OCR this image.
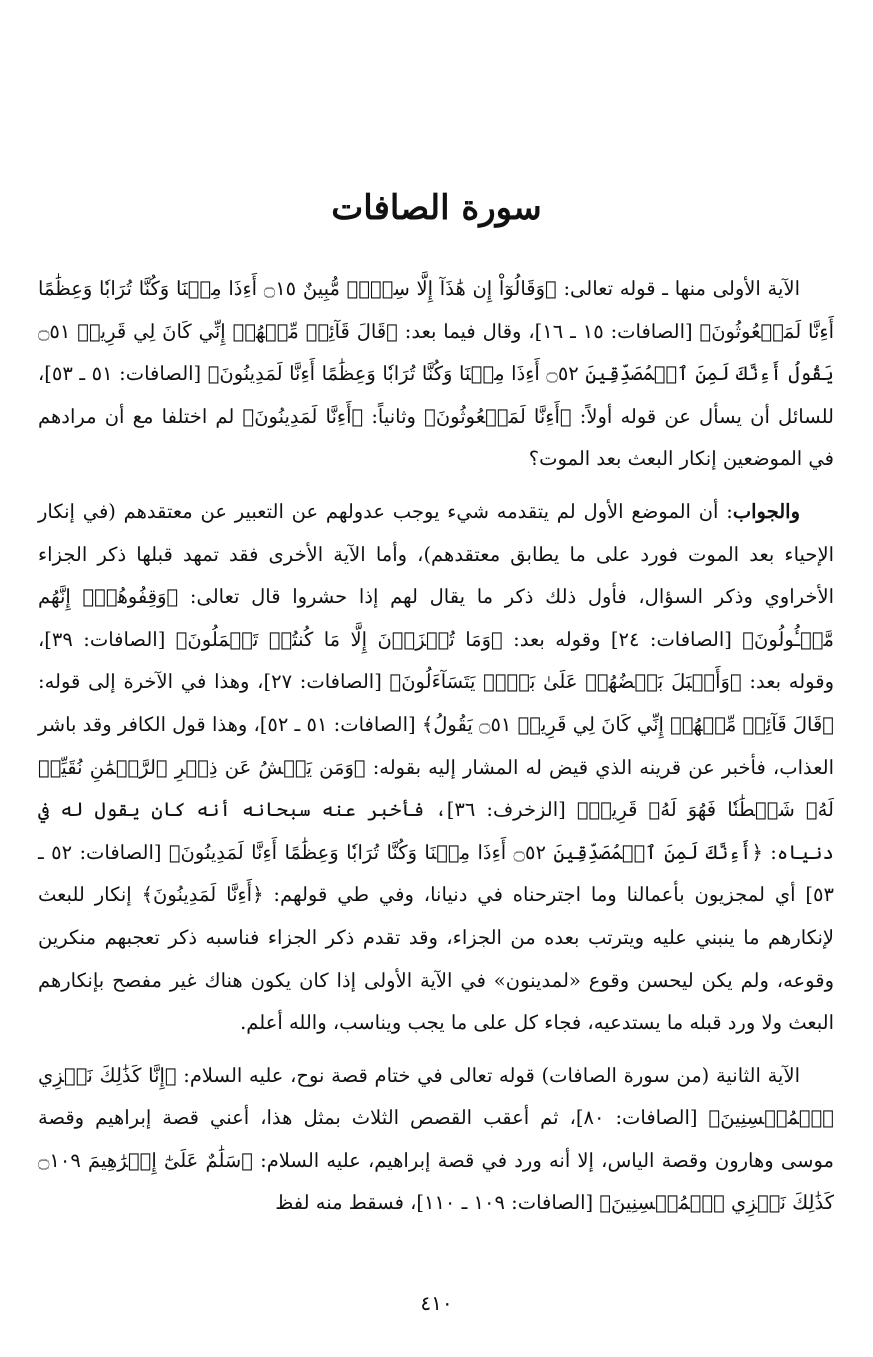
سورة الصافات

الآية الأولى منها ـ قوله تعالى: ﴿وَقَالُوٓاْ إِن هَٰذَآ إِلَّا سِحۡرٞ مُّبِينٌ ۝١٥ أَءِذَا مِتۡنَا وَكُنَّا تُرَابٗا وَعِظَٰمًا أَءِنَّا لَمَبۡعُوثُونَ﴾ [الصافات: ١٥ ـ ١٦]، وقال فيما بعد: ﴿قَالَ قَآئِلٞ مِّنۡهُمۡ إِنِّي كَانَ لِي قَرِينٞ ۝٥١ يَقُولُ أَءِنَّكَ لَمِنَ ٱلۡمُصَدِّقِينَ ۝٥٢ أَءِذَا مِتۡنَا وَكُنَّا تُرَابٗا وَعِظَٰمًا أَءِنَّا لَمَدِينُونَ﴾ [الصافات: ٥١ ـ ٥٣]، للسائل أن يسأل عن قوله أولاً: ﴿أَءِنَّا لَمَبۡعُوثُونَ﴾ وثانياً: ﴿أَءِنَّا لَمَدِينُونَ﴾ لم اختلفا مع أن مرادهم في الموضعين إنكار البعث بعد الموت؟

والجواب: أن الموضع الأول لم يتقدمه شيء يوجب عدولهم عن التعبير عن معتقدهم (في إنكار الإحياء بعد الموت فورد على ما يطابق معتقدهم)، وأما الآية الأخرى فقد تمهد قبلها ذكر الجزاء الأخراوي وذكر السؤال، فأول ذلك ذكر ما يقال لهم إذا حشروا قال تعالى: ﴿وَقِفُوهُمۡۖ إِنَّهُم مَّسۡـُٔولُونَ﴾ [الصافات: ٢٤] وقوله بعد: ﴿وَمَا تُجۡزَوۡنَ إِلَّا مَا كُنتُمۡ تَعۡمَلُونَ﴾ [الصافات: ٣٩]، وقوله بعد: ﴿وَأَقۡبَلَ بَعۡضُهُمۡ عَلَىٰ بَعۡضٖ يَتَسَآءَلُونَ﴾ [الصافات: ٢٧]، وهذا في الآخرة إلى قوله: ﴿قَالَ قَآئِلٞ مِّنۡهُمۡ إِنِّي كَانَ لِي قَرِينٞ ۝٥١ يَقُولُ﴾ [الصافات: ٥١ ـ ٥٢]، وهذا قول الكافر وقد باشر العذاب، فأخبر عن قرينه الذي قيض له المشار إليه بقوله: ﴿وَمَن يَعۡشُ عَن ذِكۡرِ ٱلرَّحۡمَٰنِ نُقَيِّضۡ لَهُۥ شَيۡطَٰنٗا فَهُوَ لَهُۥ قَرِينٞ﴾ [الزخرف: ٣٦]، فأخبر عنه سبحانه أنه كان يقول له في دنياه: ﴿أَءِنَّكَ لَمِنَ ٱلۡمُصَدِّقِينَ ۝٥٢ أَءِذَا مِتۡنَا وَكُنَّا تُرَابٗا وَعِظَٰمًا أَءِنَّا لَمَدِينُونَ﴾ [الصافات: ٥٢ ـ ٥٣] أي لمجزيون بأعمالنا وما اجترحناه في دنيانا، وفي طي قولهم: ﴿أَءِنَّا لَمَدِينُونَ﴾ إنكار للبعث لإنكارهم ما ينبني عليه ويترتب بعده من الجزاء، وقد تقدم ذكر الجزاء فناسبه ذكر تعجبهم منكرين وقوعه، ولم يكن ليحسن وقوع «لمدينون» في الآية الأولى إذا كان يكون هناك غير مفصح بإنكارهم البعث ولا ورد قبله ما يستدعيه، فجاء كل على ما يجب ويناسب، والله أعلم.

الآية الثانية (من سورة الصافات) قوله تعالى في ختام قصة نوح، عليه السلام: ﴿إِنَّا كَذَٰلِكَ نَجۡزِي ٱلۡمُحۡسِنِينَ﴾ [الصافات: ٨٠]، ثم أعقب القصص الثلاث بمثل هذا، أعني قصة إبراهيم وقصة موسى وهارون وقصة الياس، إلا أنه ورد في قصة إبراهيم، عليه السلام: ﴿سَلَٰمٌ عَلَىٰٓ إِبۡرَٰهِيمَ ۝١٠٩ كَذَٰلِكَ نَجۡزِي ٱلۡمُحۡسِنِينَ﴾ [الصافات: ١٠٩ ـ ١١٠]، فسقط منه لفظ

٤١٠
